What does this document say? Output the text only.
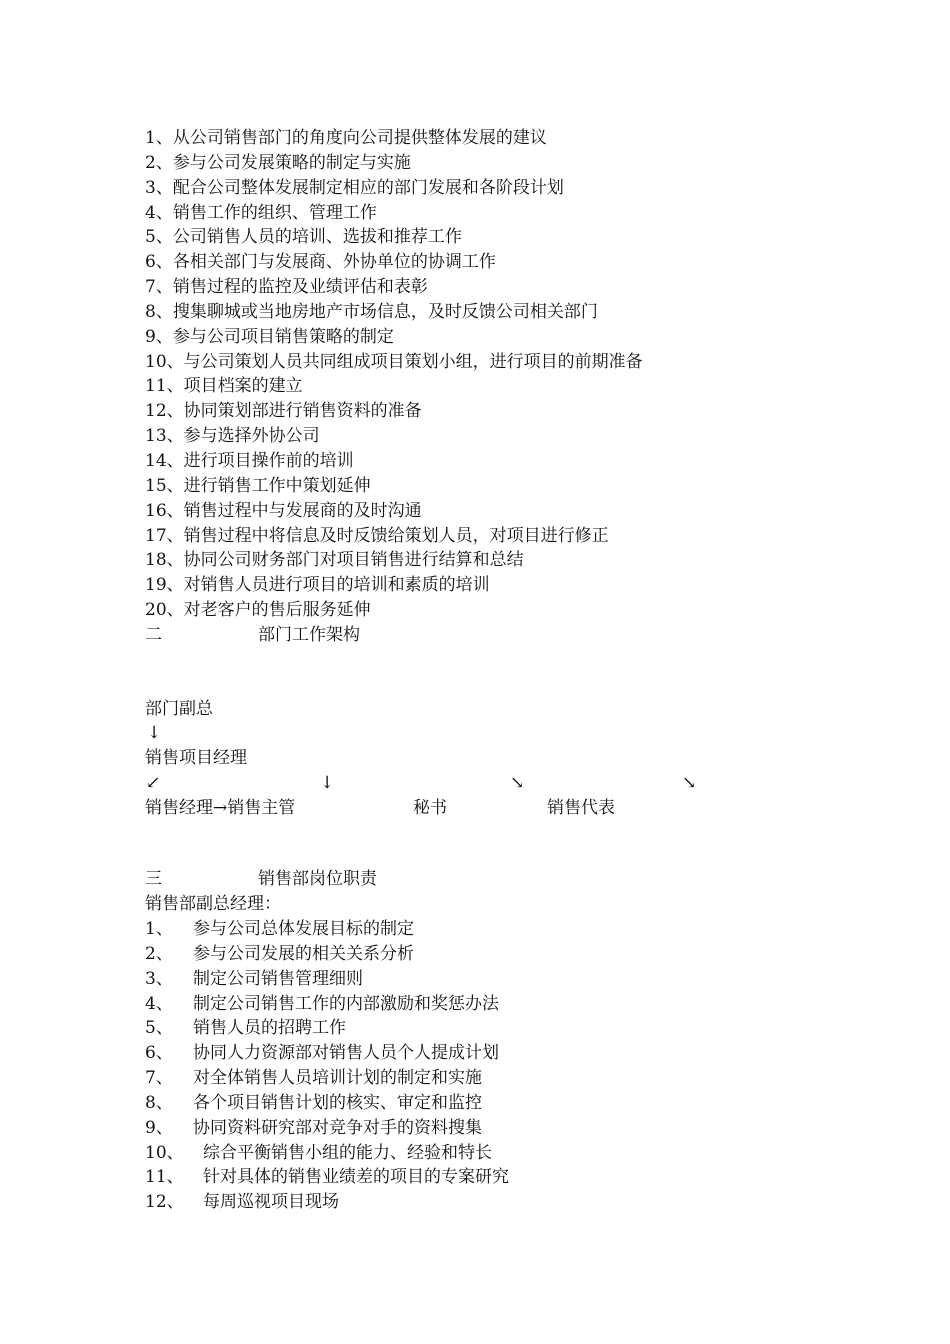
1、从公司销售部门的角度向公司提供整体发展的建议
2、参与公司发展策略的制定与实施
3、配合公司整体发展制定相应的部门发展和各阶段计划
4、销售工作的组织、管理工作
5、公司销售人员的培训、选拔和推荐工作
6、各相关部门与发展商、外协单位的协调工作
7、销售过程的监控及业绩评估和表彰
8、搜集聊城或当地房地产市场信息，及时反馈公司相关部门
9、参与公司项目销售策略的制定
10、与公司策划人员共同组成项目策划小组，进行项目的前期准备
11、项目档案的建立
12、协同策划部进行销售资料的准备
13、参与选择外协公司
14、进行项目操作前的培训
15、进行销售工作中策划延伸
16、销售过程中与发展商的及时沟通
17、销售过程中将信息及时反馈给策划人员，对项目进行修正
18、协同公司财务部门对项目销售进行结算和总结
19、对销售人员进行项目的培训和素质的培训
20、对老客户的售后服务延伸
二	部门工作架构
部门副总
↓
销售项目经理
↙	↓	↘	↘
销售经理→销售主管	秘书	销售代表
三	销售部岗位职责
销售部副总经理：
1、 参与公司总体发展目标的制定
2、 参与公司发展的相关关系分析
3、 制定公司销售管理细则
4、 制定公司销售工作的内部激励和奖惩办法
5、 销售人员的招聘工作
6、 协同人力资源部对销售人员个人提成计划
7、 对全体销售人员培训计划的制定和实施
8、 各个项目销售计划的核实、审定和监控
9、 协同资料研究部对竞争对手的资料搜集
10、 综合平衡销售小组的能力、经验和特长
11、 针对具体的销售业绩差的项目的专案研究
12、 每周巡视项目现场
